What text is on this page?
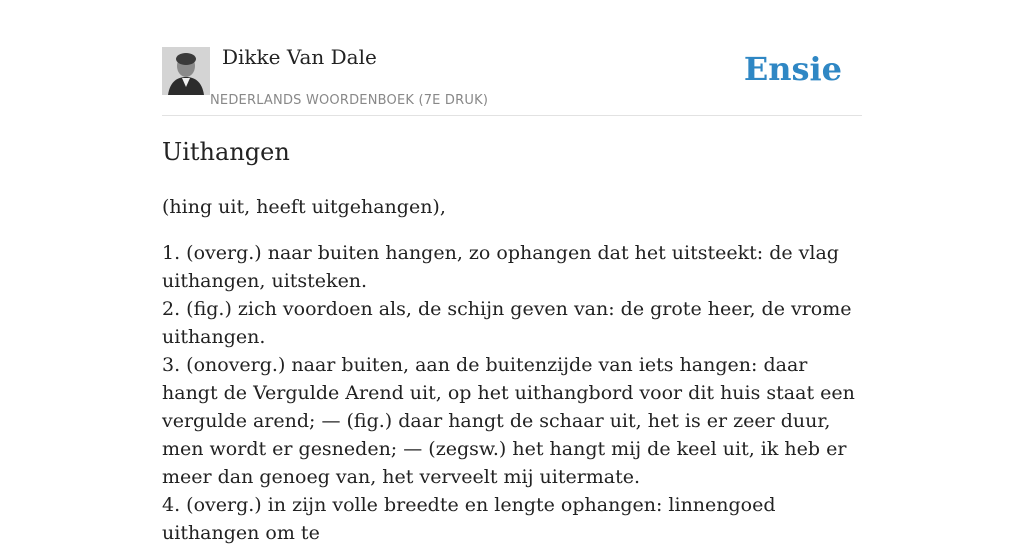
Dikke Van Dale
NEDERLANDS WOORDENBOEK (7E DRUK)
Ensie
Uithangen

(hing uit, heeft uitgehangen),

1. (overg.) naar buiten hangen, zo ophangen dat het uitsteekt: de vlag uithangen, uitsteken.
2. (fig.) zich voordoen als, de schijn geven van: de grote heer, de vrome uithangen.
3. (onoverg.) naar buiten, aan de buitenzijde van iets hangen: daar hangt de Vergulde Arend uit, op het uithangbord voor dit huis staat een vergulde arend; — (fig.) daar hangt de schaar uit, het is er zeer duur, men wordt er gesneden; — (zegsw.) het hangt mij de keel uit, ik heb er meer dan genoeg van, het verveelt mij uitermate.
4. (overg.) in zijn volle breedte en lengte ophangen: linnengoed uithangen om te
